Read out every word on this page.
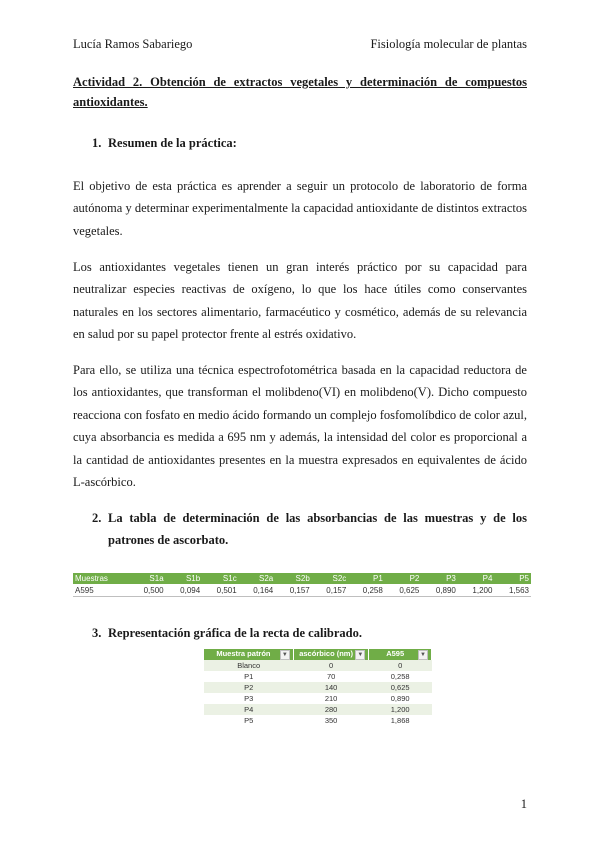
Lucía Ramos Sabariego	Fisiología molecular de plantas
Actividad 2. Obtención de extractos vegetales y determinación de compuestos antioxidantes.
1. Resumen de la práctica:
El objetivo de esta práctica es aprender a seguir un protocolo de laboratorio de forma autónoma y determinar experimentalmente la capacidad antioxidante de distintos extractos vegetales.
Los antioxidantes vegetales tienen un gran interés práctico por su capacidad para neutralizar especies reactivas de oxígeno, lo que los hace útiles como conservantes naturales en los sectores alimentario, farmacéutico y cosmético, además de su relevancia en salud por su papel protector frente al estrés oxidativo.
Para ello, se utiliza una técnica espectrofotométrica basada en la capacidad reductora de los antioxidantes, que transforman el molibdeno(VI) en molibdeno(V). Dicho compuesto reacciona con fosfato en medio ácido formando un complejo fosfomolíbdico de color azul, cuya absorbancia es medida a 695 nm y además, la intensidad del color es proporcional a la cantidad de antioxidantes presentes en la muestra expresados en equivalentes de ácido L-ascórbico.
2. La tabla de determinación de las absorbancias de las muestras y de los patrones de ascorbato.
Muestras	S1a	S1b	S1c	S2a	S2b	S2c	P1	P2	P3	P4	P5
A595	0,500	0,094	0,501	0,164	0,157	0,157	0,258	0,625	0,890	1,200	1,563
3. Representación gráfica de la recta de calibrado.
Muestra patrón ▼	ascórbico (nm) ▼	A595 ▼

Blanco	0	0
P1	70	0,258
P2	140	0,625
P3	210	0,890
P4	280	1,200
P5	350	1,868
1
